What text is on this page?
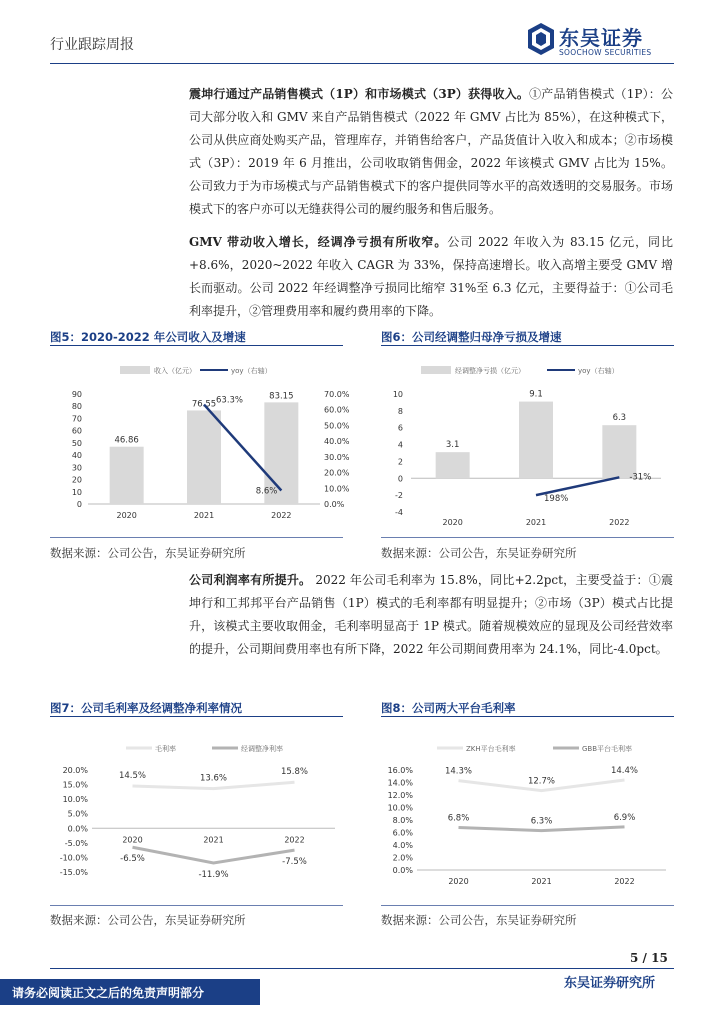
行业跟踪周报	东吴证券
SOOCHOW SECURITIES

震坤行通过产品销售模式（1P）和市场模式（3P）获得收入。①产品销售模式（1P）：公司大部分收入和 GMV 来自产品销售模式（2022 年 GMV 占比为 85%），在这种模式下，公司从供应商处购买产品，管理库存，并销售给客户，产品货值计入收入和成本；②市场模式（3P）：2019 年 6 月推出，公司收取销售佣金，2022 年该模式 GMV 占比为 15%。公司致力于为市场模式与产品销售模式下的客户提供同等水平的高效透明的交易服务。市场模式下的客户亦可以无缝获得公司的履约服务和售后服务。

GMV 带动收入增长，经调净亏损有所收窄。公司 2022 年收入为 83.15 亿元，同比+8.6%，2020~2022 年收入 CAGR 为 33%，保持高速增长。收入高增主要受 GMV 增长而驱动。公司 2022 年经调整净亏损同比缩窄 31%至 6.3 亿元，主要得益于：①公司毛利率提升，②管理费用率和履约费用率的下降。

图5：2020-2022 年公司收入及增速	图6：公司经调整归母净亏损及增速
收入（亿元）	yoy（右轴）
0
10
20
30
40
50
60
70
80
90
0.0%
10.0%
20.0%
30.0%
40.0%
50.0%
60.0%
70.0%
46.86
2020
76.55
2021
83.15
2022
63.3%
8.6%
经调整净亏损（亿元）	yoy（右轴）
-4
-2
0
2
4
6
8
10
3.1
2020
9.1
2021
6.3
2022
198%
-31%
数据来源：公司公告，东吴证券研究所	数据来源：公司公告，东吴证券研究所

公司利润率有所提升。 2022 年公司毛利率为 15.8%，同比+2.2pct，主要受益于：①震坤行和工邦邦平台产品销售（1P）模式的毛利率都有明显提升；②市场（3P）模式占比提升，该模式主要收取佣金，毛利率明显高于 1P 模式。随着规模效应的显现及公司经营效率的提升，公司期间费用率也有所下降，2022 年公司期间费用率为 24.1%，同比-4.0pct。

图7：公司毛利率及经调整净利率情况	图8：公司两大平台毛利率
毛利率	经调整净利率
-15.0%
-10.0%
-5.0%
0.0%
5.0%
10.0%
15.0%
20.0%
2020	2021	2022
14.5%	13.6%
15.8%
-6.5%
-11.9%
-7.5%
ZKH平台毛利率	GBB平台毛利率
0.0%
2.0%
4.0%
6.0%
8.0%
10.0%
12.0%
14.0%
16.0%
2020	2021	2022
14.3%
12.7%
14.4%
6.8%	6.3%	6.9%
数据来源：公司公告，东吴证券研究所	数据来源：公司公告，东吴证券研究所
5 / 15
东吴证券研究所
请务必阅读正文之后的免责声明部分
